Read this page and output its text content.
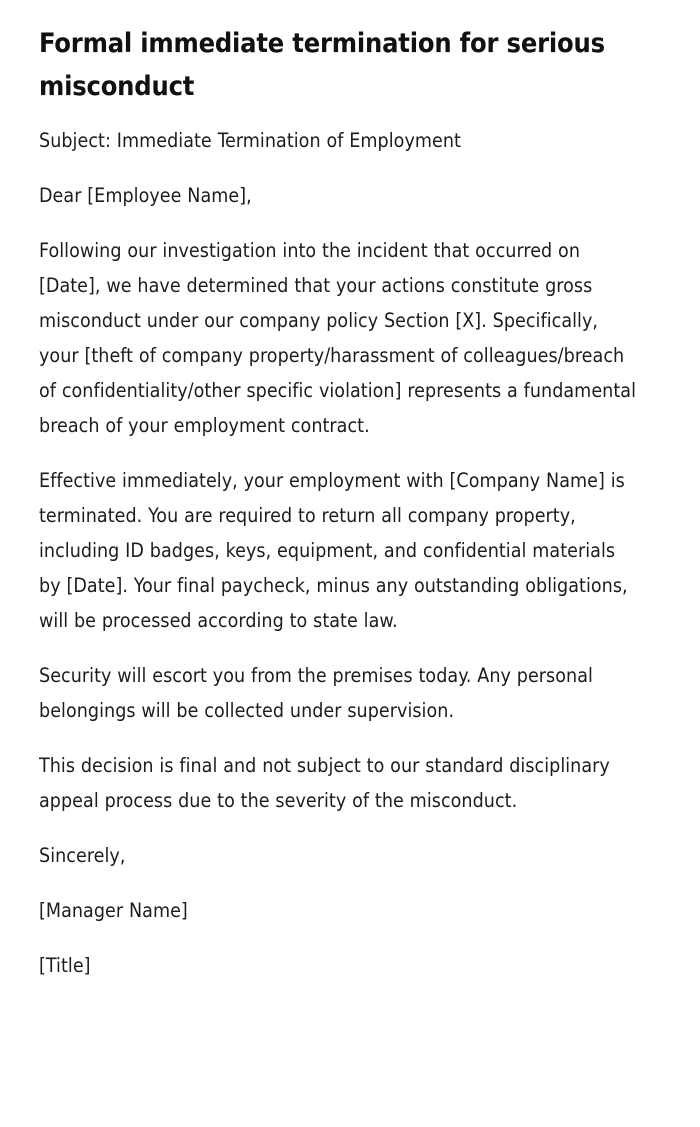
Formal immediate termination for serious misconduct

Subject: Immediate Termination of Employment

Dear [Employee Name],

Following our investigation into the incident that occurred on [Date], we have determined that your actions constitute gross misconduct under our company policy Section [X]. Specifically, your [theft of company property/harassment of colleagues/breach of confidentiality/other specific violation] represents a fundamental breach of your employment contract.

Effective immediately, your employment with [Company Name] is terminated. You are required to return all company property, including ID badges, keys, equipment, and confidential materials by [Date]. Your final paycheck, minus any outstanding obligations, will be processed according to state law.

Security will escort you from the premises today. Any personal belongings will be collected under supervision.

This decision is final and not subject to our standard disciplinary appeal process due to the severity of the misconduct.

Sincerely,

[Manager Name]

[Title]
